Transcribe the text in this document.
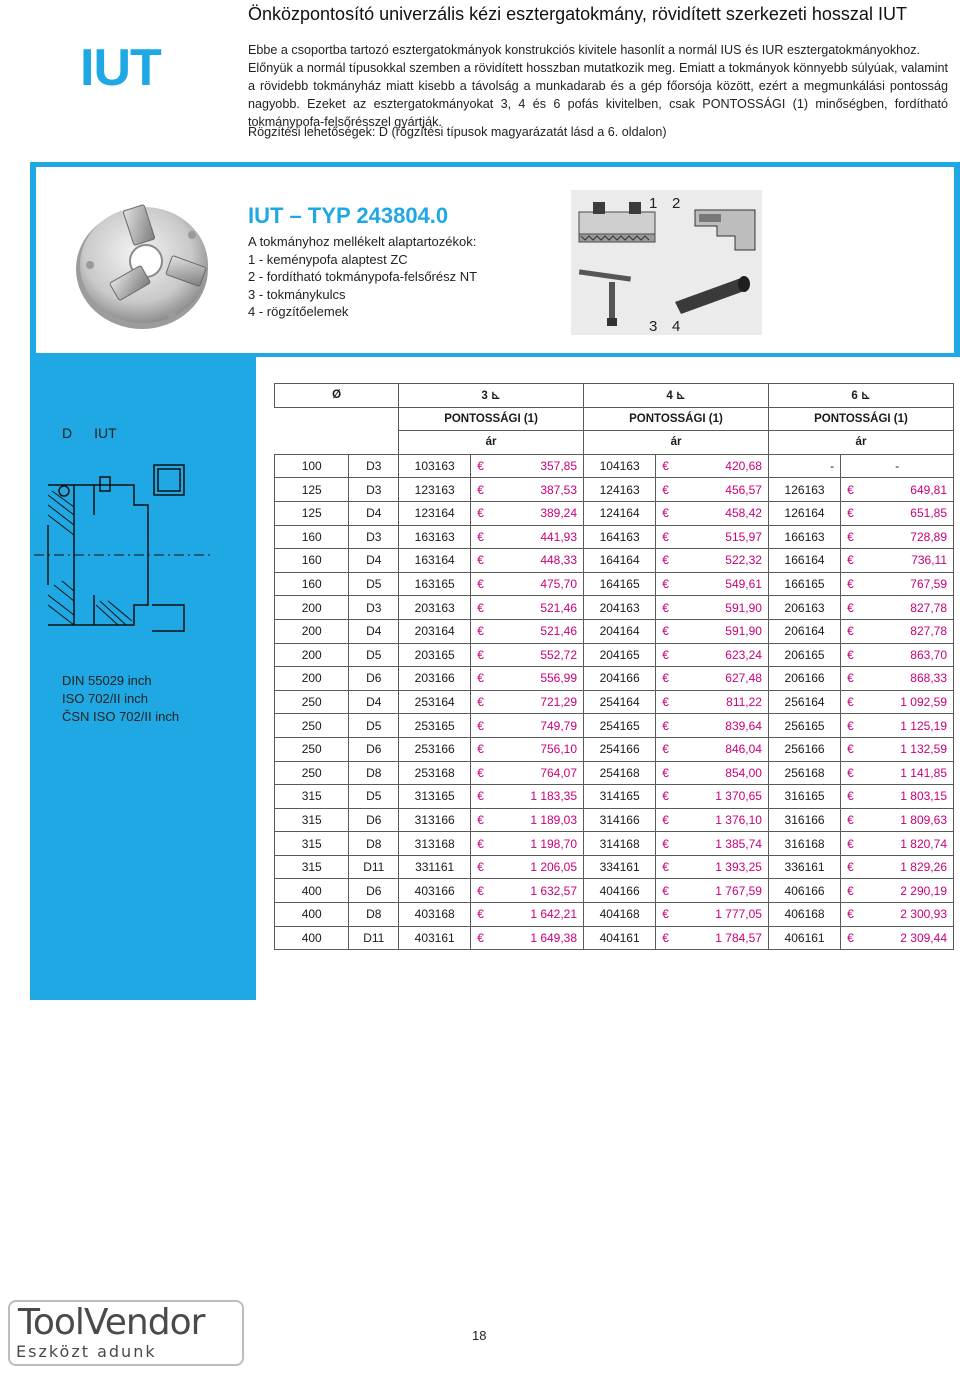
Önközpontosító univerzális kézi esztergatokmány, rövidített szerkezeti hosszal IUT
IUT	Ebbe a csoportba tartozó esztergatokmányok konstrukciós kivitele hasonlít a normál IUS és IUR esztergatokmányokhoz.

Előnyük a normál típusokkal szemben a rövidített hosszban mutatkozik meg. Emiatt a tokmányok könnyebb súlyúak, valamint a rövidebb tokmányház miatt kisebb a távolság a munkadarab és a gép főorsója között, ezért a megmunkálási pontosság nagyobb. Ezeket az esztergatokmányokat 3, 4 és 6 pofás kivitelben, csak PONTOSSÁGI (1) minőségben, fordítható tokmánypofa-felsőrésszel gyártják.

Rögzítési lehetőségek: D (rögzítési típusok magyarázatát lásd a 6. oldalon)
IUT – TYP 243804.0
A tokmányhoz mellékelt alaptartozékok:
1 - keménypofa alaptest ZC
2 - fordítható tokmánypofa-felsőrész NT
3 - tokmánykulcs
4 - rögzítőelemek
1 2
3 4
D IUT
DIN 55029 inch
ISO 702/II inch
ČSN ISO 702/II inch
Ø		3 ⊾		4 ⊾		6 ⊾	
		PONTOSSÁGI (1)		PONTOSSÁGI (1)		PONTOSSÁGI (1)	
		ár		ár		ár	
100	D3	103163	€ 357,85	104163	€ 420,68	-	-
125	D3	123163	€ 387,53	124163	€ 456,57	126163	€ 649,81
125	D4	123164	€ 389,24	124164	€ 458,42	126164	€ 651,85
160	D3	163163	€ 441,93	164163	€ 515,97	166163	€ 728,89
160	D4	163164	€ 448,33	164164	€ 522,32	166164	€ 736,11
160	D5	163165	€ 475,70	164165	€ 549,61	166165	€ 767,59
200	D3	203163	€ 521,46	204163	€ 591,90	206163	€ 827,78
200	D4	203164	€ 521,46	204164	€ 591,90	206164	€ 827,78
200	D5	203165	€ 552,72	204165	€ 623,24	206165	€ 863,70
200	D6	203166	€ 556,99	204166	€ 627,48	206166	€ 868,33
250	D4	253164	€ 721,29	254164	€ 811,22	256164	€ 1 092,59
250	D5	253165	€ 749,79	254165	€ 839,64	256165	€ 1 125,19
250	D6	253166	€ 756,10	254166	€ 846,04	256166	€ 1 132,59
250	D8	253168	€ 764,07	254168	€ 854,00	256168	€ 1 141,85
315	D5	313165	€ 1 183,35	314165	€ 1 370,65	316165	€ 1 803,15
315	D6	313166	€ 1 189,03	314166	€ 1 376,10	316166	€ 1 809,63
315	D8	313168	€ 1 198,70	314168	€ 1 385,74	316168	€ 1 820,74
315	D11	331161	€ 1 206,05	334161	€ 1 393,25	336161	€ 1 829,26
400	D6	403166	€ 1 632,57	404166	€ 1 767,59	406166	€ 2 290,19
400	D8	403168	€ 1 642,21	404168	€ 1 777,05	406168	€ 2 300,93
400	D11	403161	€ 1 649,38	404161	€ 1 784,57	406161	€ 2 309,44
ToolVendor
Eszközt adunk
18
